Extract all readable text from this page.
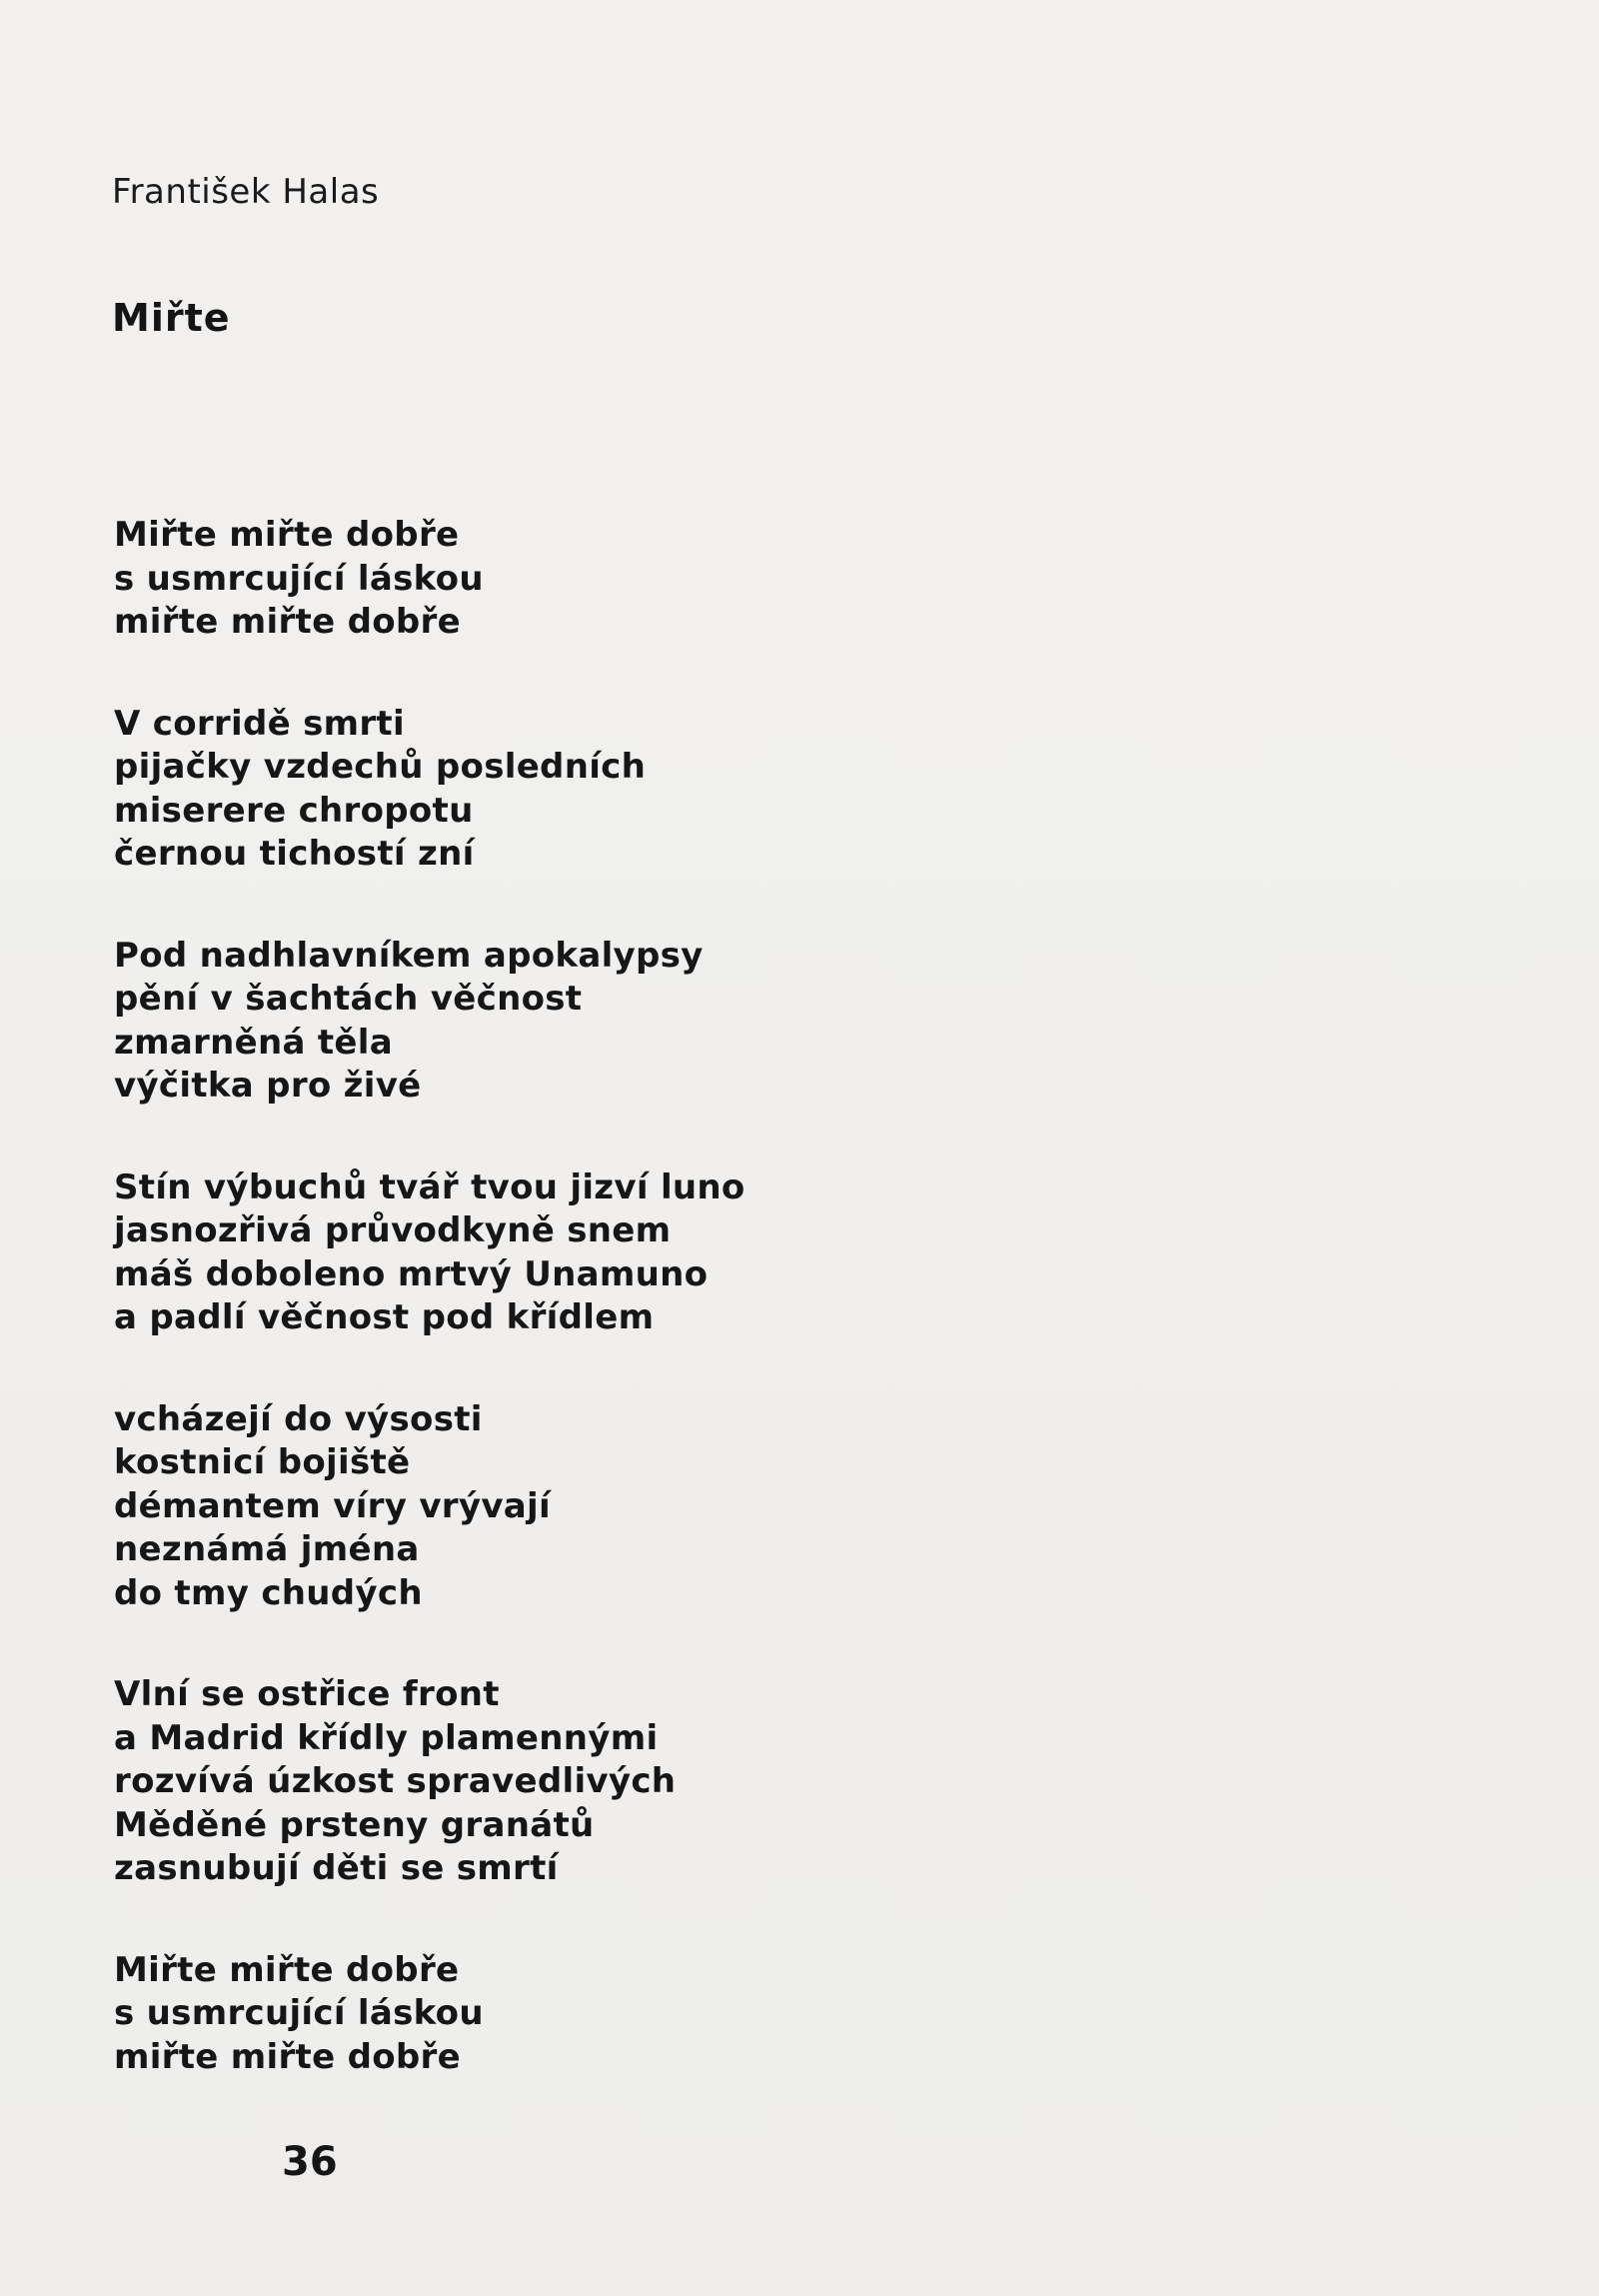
František Halas
Miřte
Miřte miřte dobře
s usmrcující láskou
miřte miřte dobře
V corridě smrti
pijačky vzdechů posledních
miserere chropotu
černou tichostí zní
Pod nadhlavníkem apokalypsy
pění v šachtách věčnost
zmarněná těla
výčitka pro živé
Stín výbuchů tvář tvou jizví luno
jasnozřivá průvodkyně snem
máš doboleno mrtvý Unamuno
a padlí věčnost pod křídlem
vcházejí do výsosti
kostnicí bojiště
démantem víry vrývají
neznámá jména
do tmy chudých
Vlní se ostřice front
a Madrid křídly plamennými
rozvívá úzkost spravedlivých
Měděné prsteny granátů
zasnubují děti se smrtí
Miřte miřte dobře
s usmrcující láskou
miřte miřte dobře
36
